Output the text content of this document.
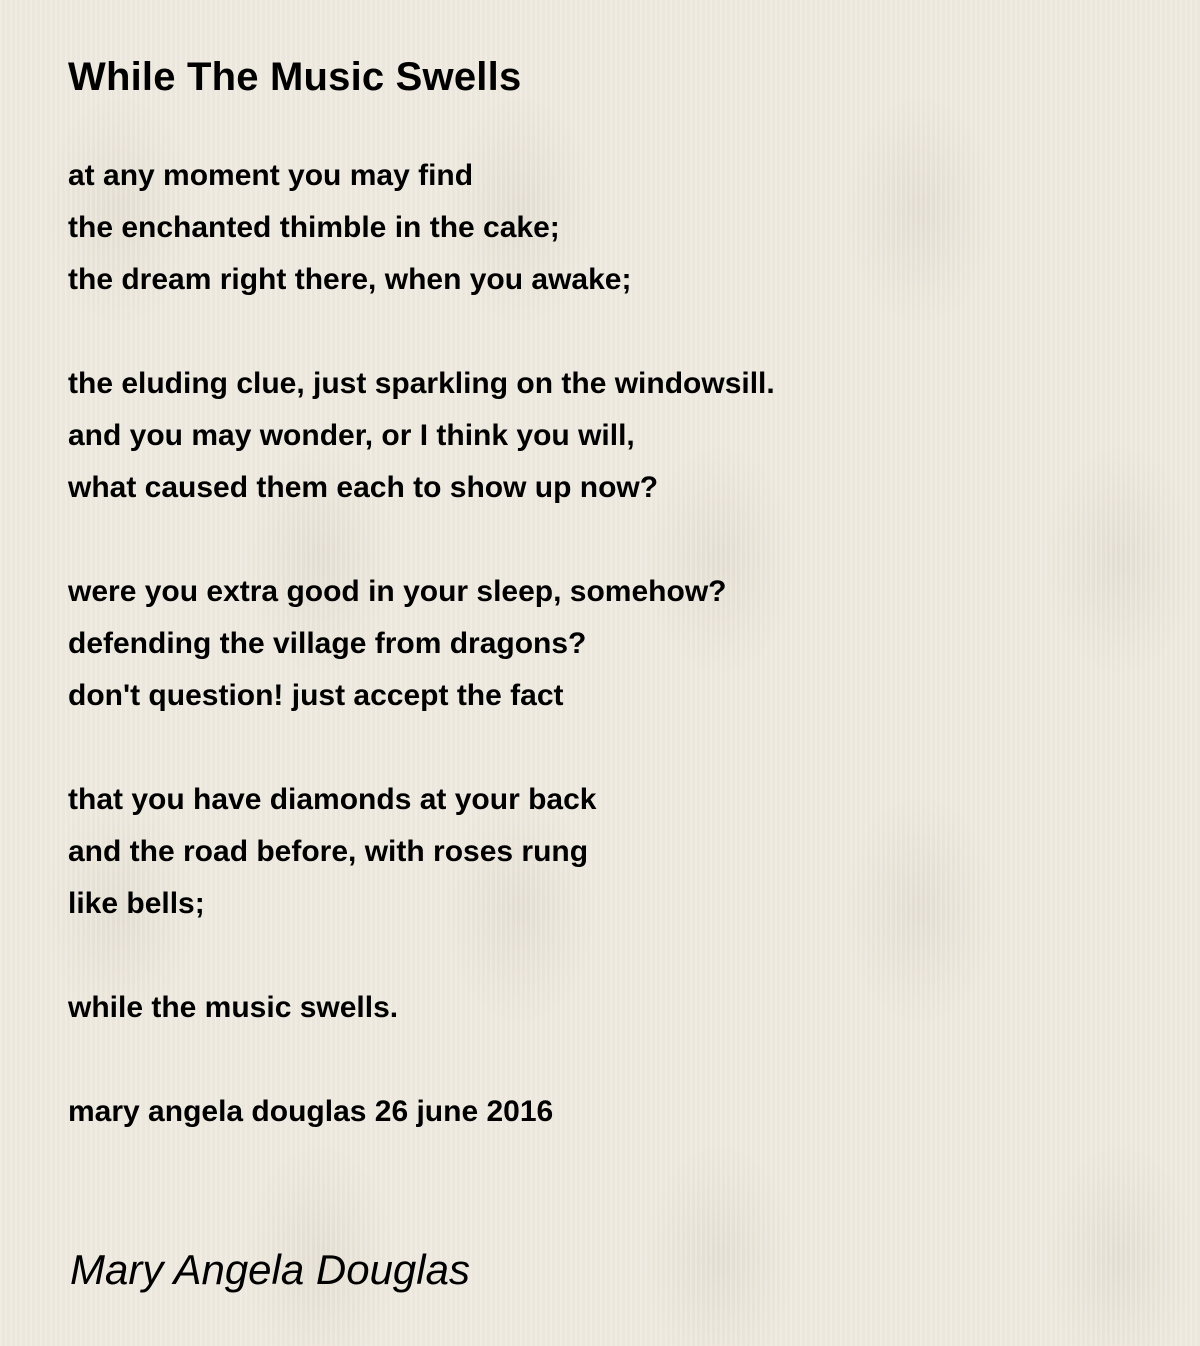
While The Music Swells
at any moment you may find
the enchanted thimble in the cake;
the dream right there, when you awake;
the eluding clue, just sparkling on the windowsill.
and you may wonder, or I think you will,
what caused them each to show up now?
were you extra good in your sleep, somehow?
defending the village from dragons?
don't question! just accept the fact
that you have diamonds at your back
and the road before, with roses rung
like bells;
while the music swells.
mary angela douglas 26 june 2016
Mary Angela Douglas
